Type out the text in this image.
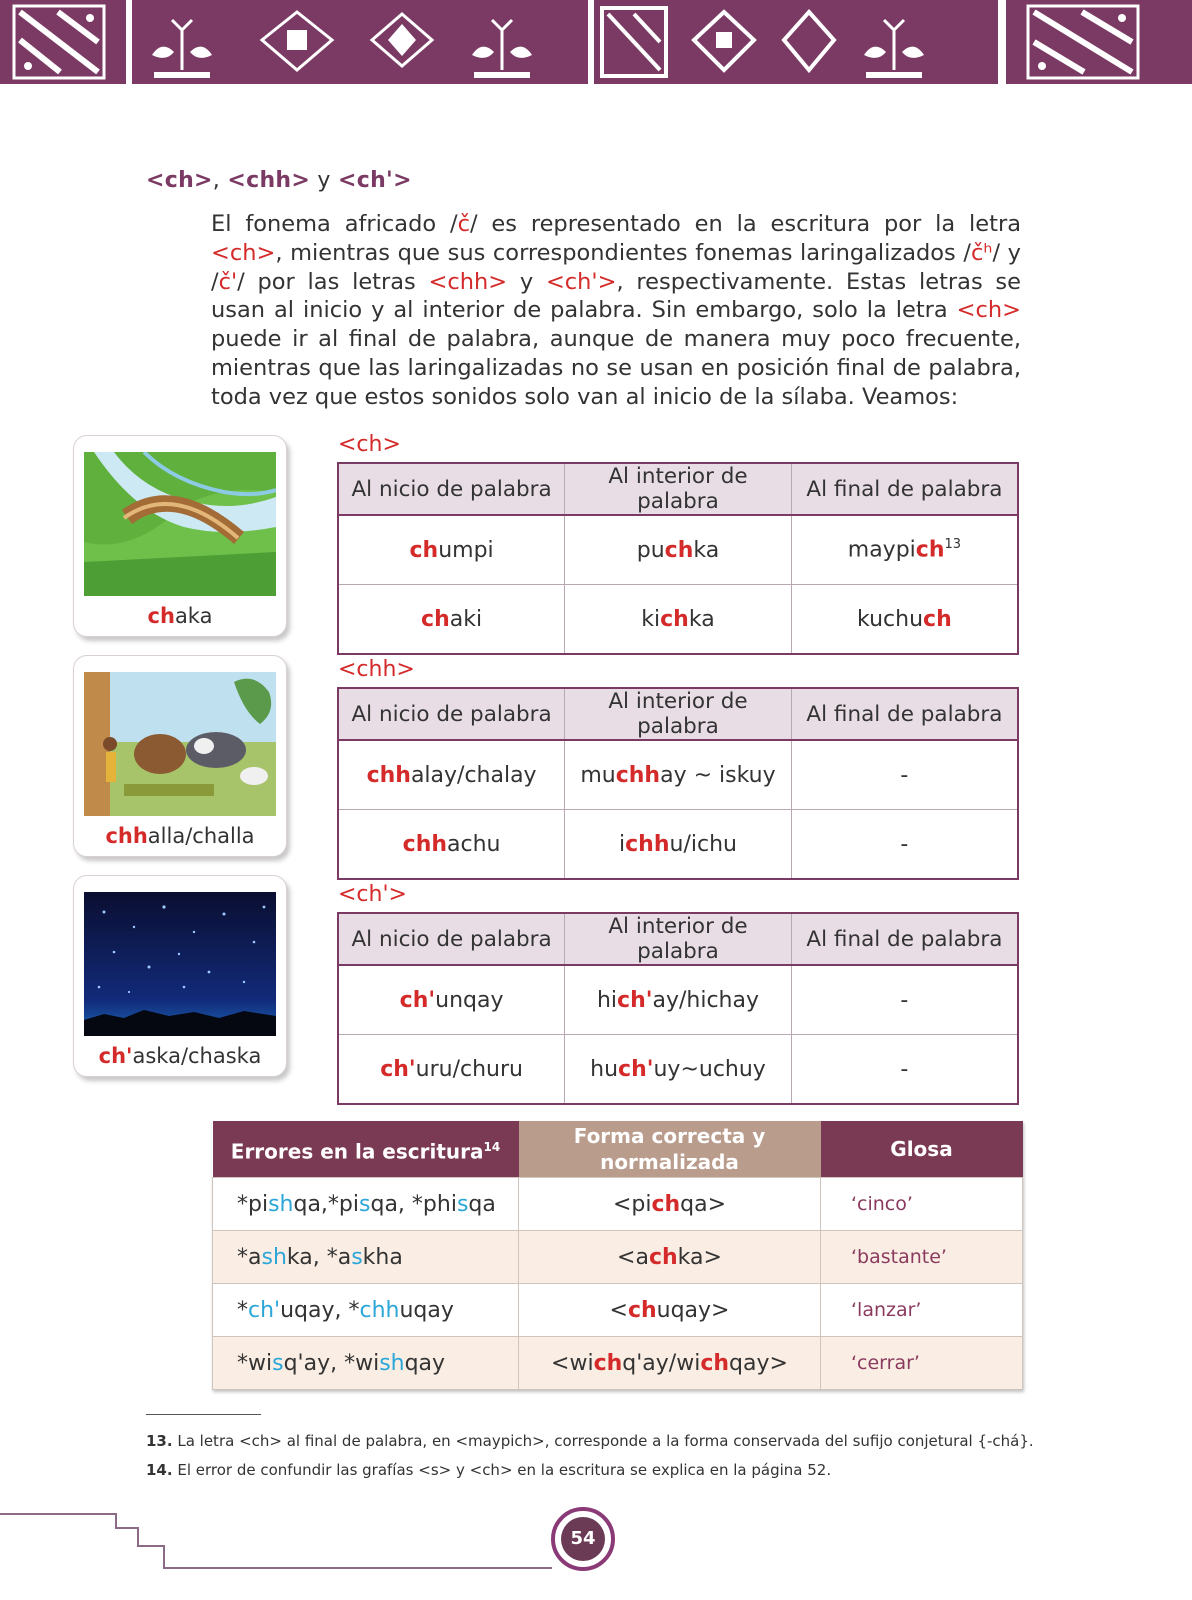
<ch>, <chh> y <ch'>
El fonema africado /č/ es representado en la escritura por la letra <ch>, mientras que sus correspondientes fonemas laringalizados /čʰ/ y /č'/ por las letras <chh> y <ch'>, respectivamente. Estas letras se usan al inicio y al interior de palabra. Sin embargo, solo la letra <ch> puede ir al final de palabra, aunque de manera muy poco frecuente, mientras que las laringalizadas no se usan en posición final de palabra, toda vez que estos sonidos solo van al inicio de la sílaba. Veamos:
chaka
chhalla/challa
ch'aska/chaska
<ch>
Al nicio de palabra	Al interior de palabra	Al final de palabra
chumpi	puchka	maypich$^{13}$
chaki	kichka	kuchuch
<chh>
Al nicio de palabra	Al interior de palabra	Al final de palabra
chhalay/chalay	muchhay ~ iskuy	-
chhachu	ichhu/ichu	-
<ch'>
Al nicio de palabra	Al interior de palabra	Al final de palabra
ch'unqay	hich'ay/hichay	-
ch'uru/churu	huch'uy~uchuy	-
Errores en la escritura$^{14}$	Forma correcta y normalizada	Glosa
*pishqa,*pisqa, *phisqa	<pichqa>	‘cinco’
*ashka, *askha	<achka>	‘bastante’
*ch'uqay, *chhuqay	<chuqay>	‘lanzar’
*wisq'ay, *wishqay	<wichq'ay/wichqay>	‘cerrar’
13. La letra <ch> al final de palabra, en <maypich>, corresponde a la forma conservada del sufijo conjetural {-chá}.
14. El error de confundir las grafías <s> y <ch> en la escritura se explica en la página 52.
54
